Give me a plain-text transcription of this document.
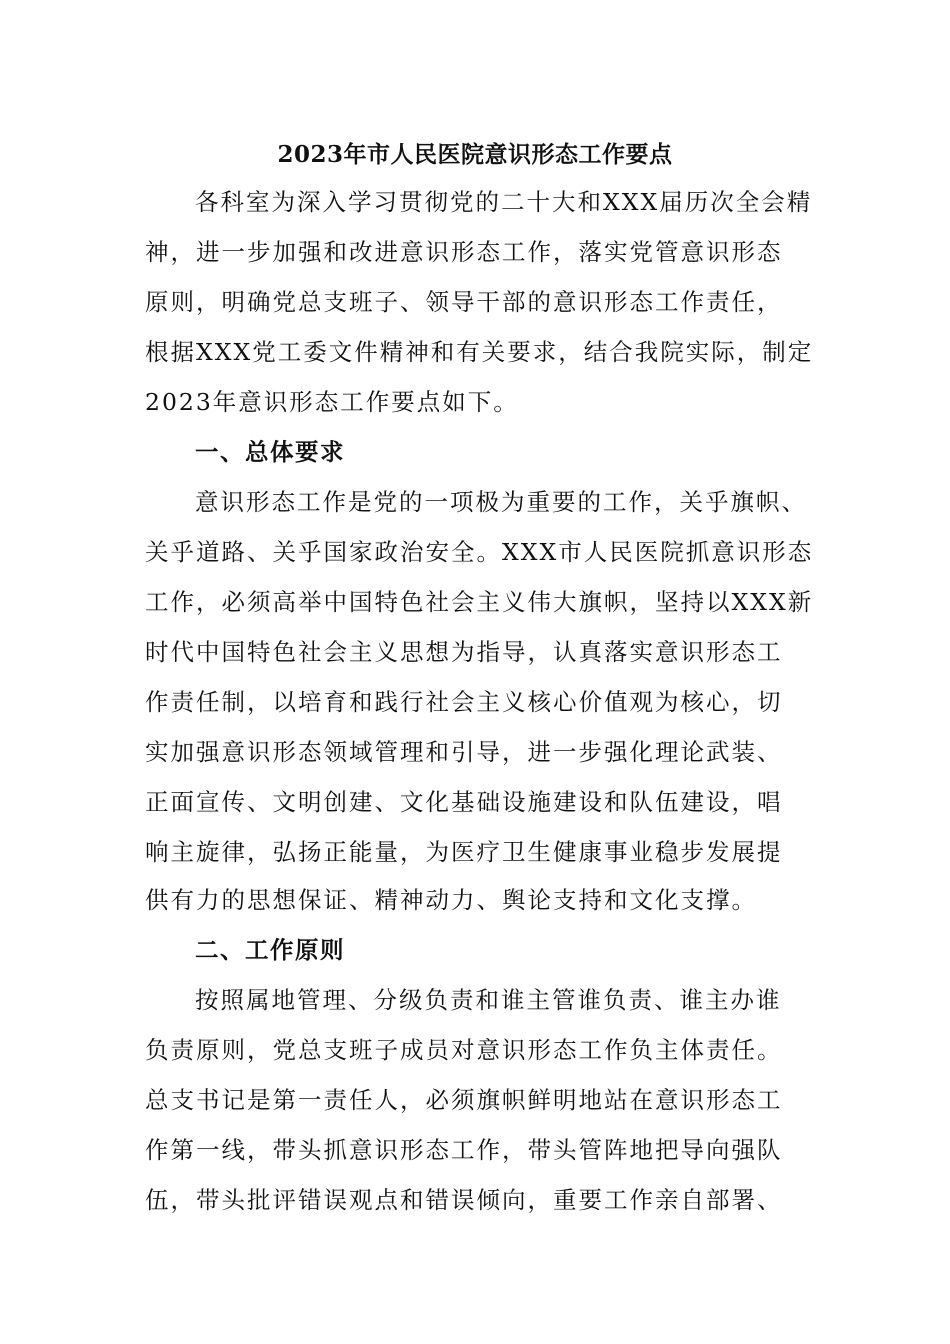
2023年市人民医院意识形态工作要点
各科室为深入学习贯彻党的二十大和XXX届历次全会精
神，进一步加强和改进意识形态工作，落实党管意识形态
原则，明确党总支班子、领导干部的意识形态工作责任，
根据XXX党工委文件精神和有关要求，结合我院实际，制定
2023年意识形态工作要点如下。
一、总体要求
意识形态工作是党的一项极为重要的工作，关乎旗帜、
关乎道路、关乎国家政治安全。XXX市人民医院抓意识形态
工作，必须高举中国特色社会主义伟大旗帜，坚持以XXX新
时代中国特色社会主义思想为指导，认真落实意识形态工
作责任制，以培育和践行社会主义核心价值观为核心，切
实加强意识形态领域管理和引导，进一步强化理论武装、
正面宣传、文明创建、文化基础设施建设和队伍建设，唱
响主旋律，弘扬正能量，为医疗卫生健康事业稳步发展提
供有力的思想保证、精神动力、舆论支持和文化支撑。
二、工作原则
按照属地管理、分级负责和谁主管谁负责、谁主办谁
负责原则，党总支班子成员对意识形态工作负主体责任。
总支书记是第一责任人，必须旗帜鲜明地站在意识形态工
作第一线，带头抓意识形态工作，带头管阵地把导向强队
伍，带头批评错误观点和错误倾向，重要工作亲自部署、
